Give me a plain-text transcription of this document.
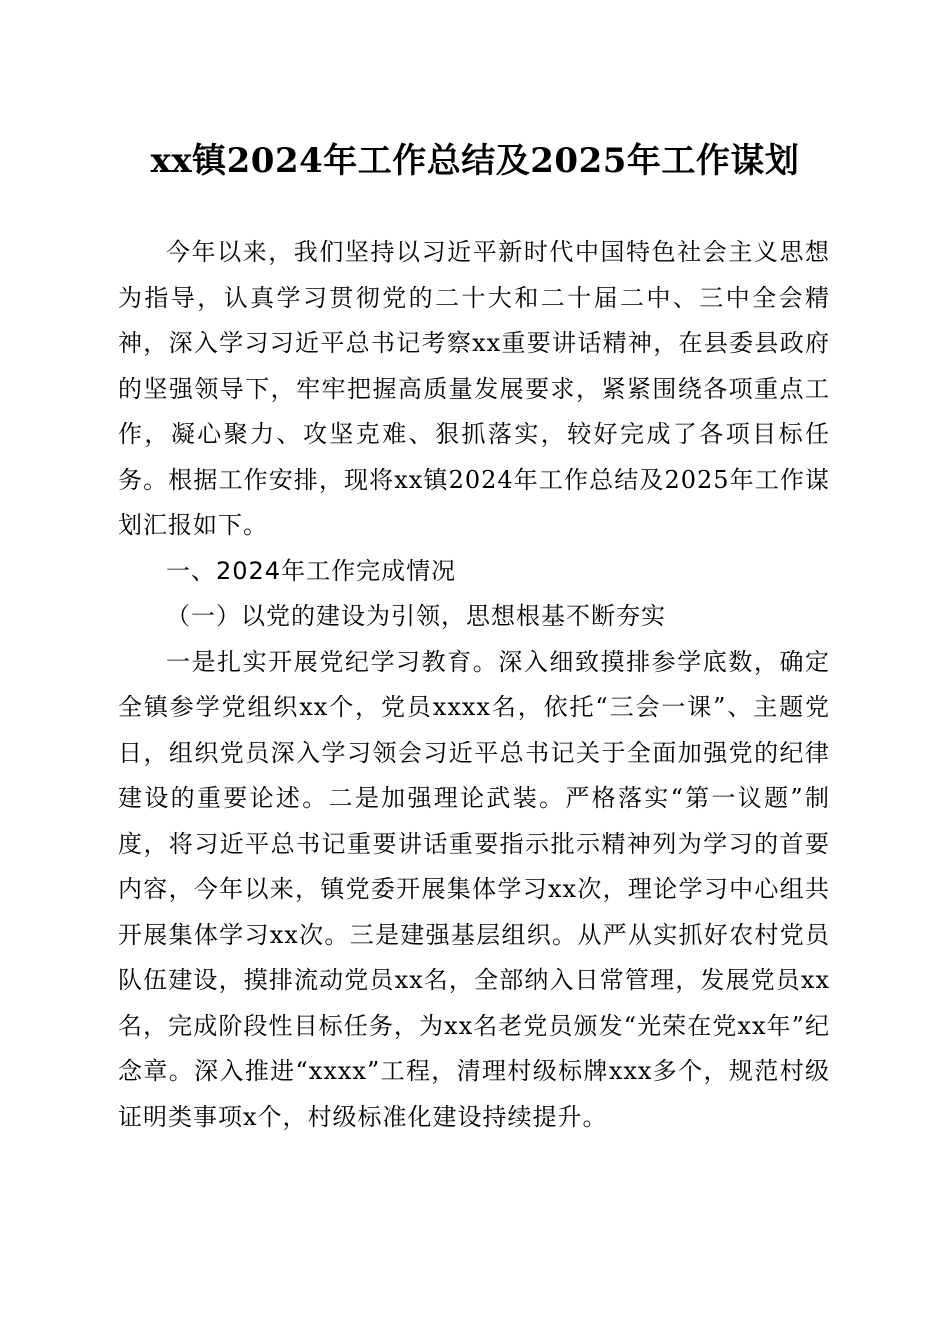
xx镇2024年工作总结及2025年工作谋划

今年以来，我们坚持以习近平新时代中国特色社会主义思想为指导，认真学习贯彻党的二十大和二十届二中、三中全会精神，深入学习习近平总书记考察xx重要讲话精神，在县委县政府的坚强领导下，牢牢把握高质量发展要求，紧紧围绕各项重点工作，凝心聚力、攻坚克难、狠抓落实，较好完成了各项目标任务。根据工作安排，现将xx镇2024年工作总结及2025年工作谋划汇报如下。

一、2024年工作完成情况

（一）以党的建设为引领，思想根基不断夯实

一是扎实开展党纪学习教育。深入细致摸排参学底数，确定全镇参学党组织xx个，党员xxxx名，依托“三会一课”、主题党日，组织党员深入学习领会习近平总书记关于全面加强党的纪律建设的重要论述。二是加强理论武装。严格落实“第一议题”制度，将习近平总书记重要讲话重要指示批示精神列为学习的首要内容，今年以来，镇党委开展集体学习xx次，理论学习中心组共开展集体学习xx次。三是建强基层组织。从严从实抓好农村党员队伍建设，摸排流动党员xx名，全部纳入日常管理，发展党员xx名，完成阶段性目标任务，为xx名老党员颁发“光荣在党xx年”纪念章。深入推进“xxxx”工程，清理村级标牌xxx多个，规范村级证明类事项x个，村级标准化建设持续提升。
